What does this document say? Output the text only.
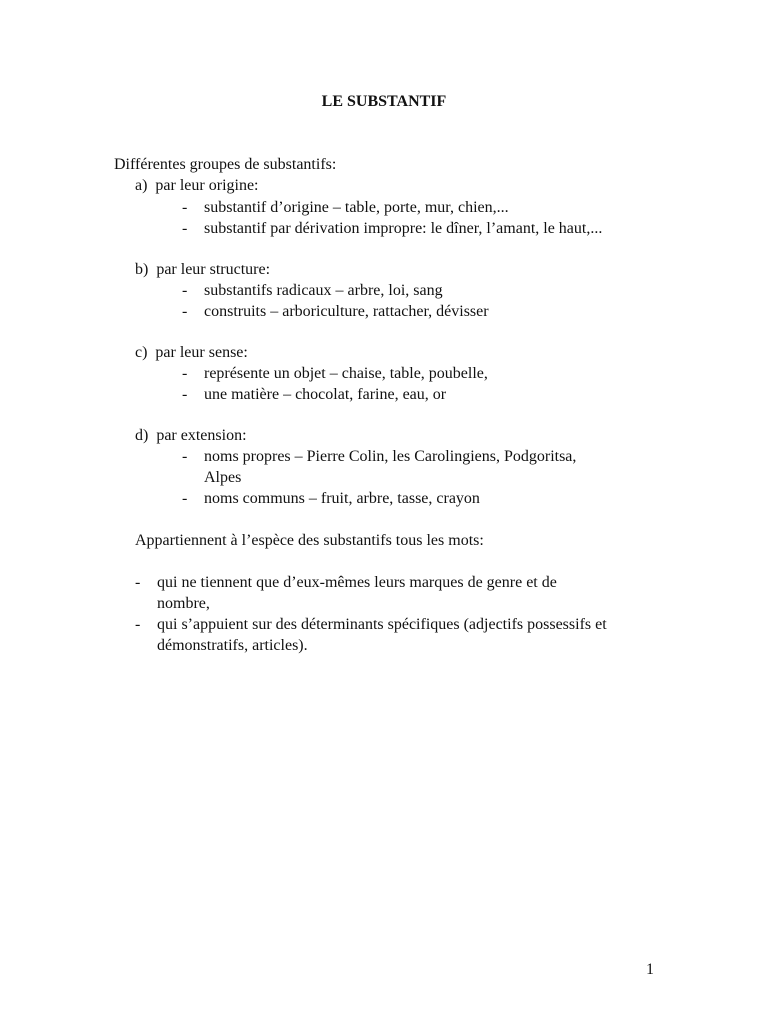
LE SUBSTANTIF
Différentes groupes de substantifs:
a)  par leur origine:
- substantif d’origine – table, porte, mur, chien,...
- substantif par dérivation impropre: le dîner, l’amant, le haut,...
b)  par leur structure:
- substantifs radicaux – arbre, loi, sang
- construits – arboriculture, rattacher, dévisser
c)  par leur sense:
- représente un objet – chaise, table, poubelle,
- une matière – chocolat, farine, eau, or
d)  par extension:
- noms propres – Pierre Colin, les Carolingiens, Podgoritsa,
Alpes
- noms communs – fruit, arbre, tasse, crayon
Appartiennent à l’espèce des substantifs tous les mots:
- qui ne tiennent que d’eux-mêmes leurs marques de genre et de
nombre,
- qui s’appuient sur des déterminants spécifiques (adjectifs possessifs et
démonstratifs, articles).
1
